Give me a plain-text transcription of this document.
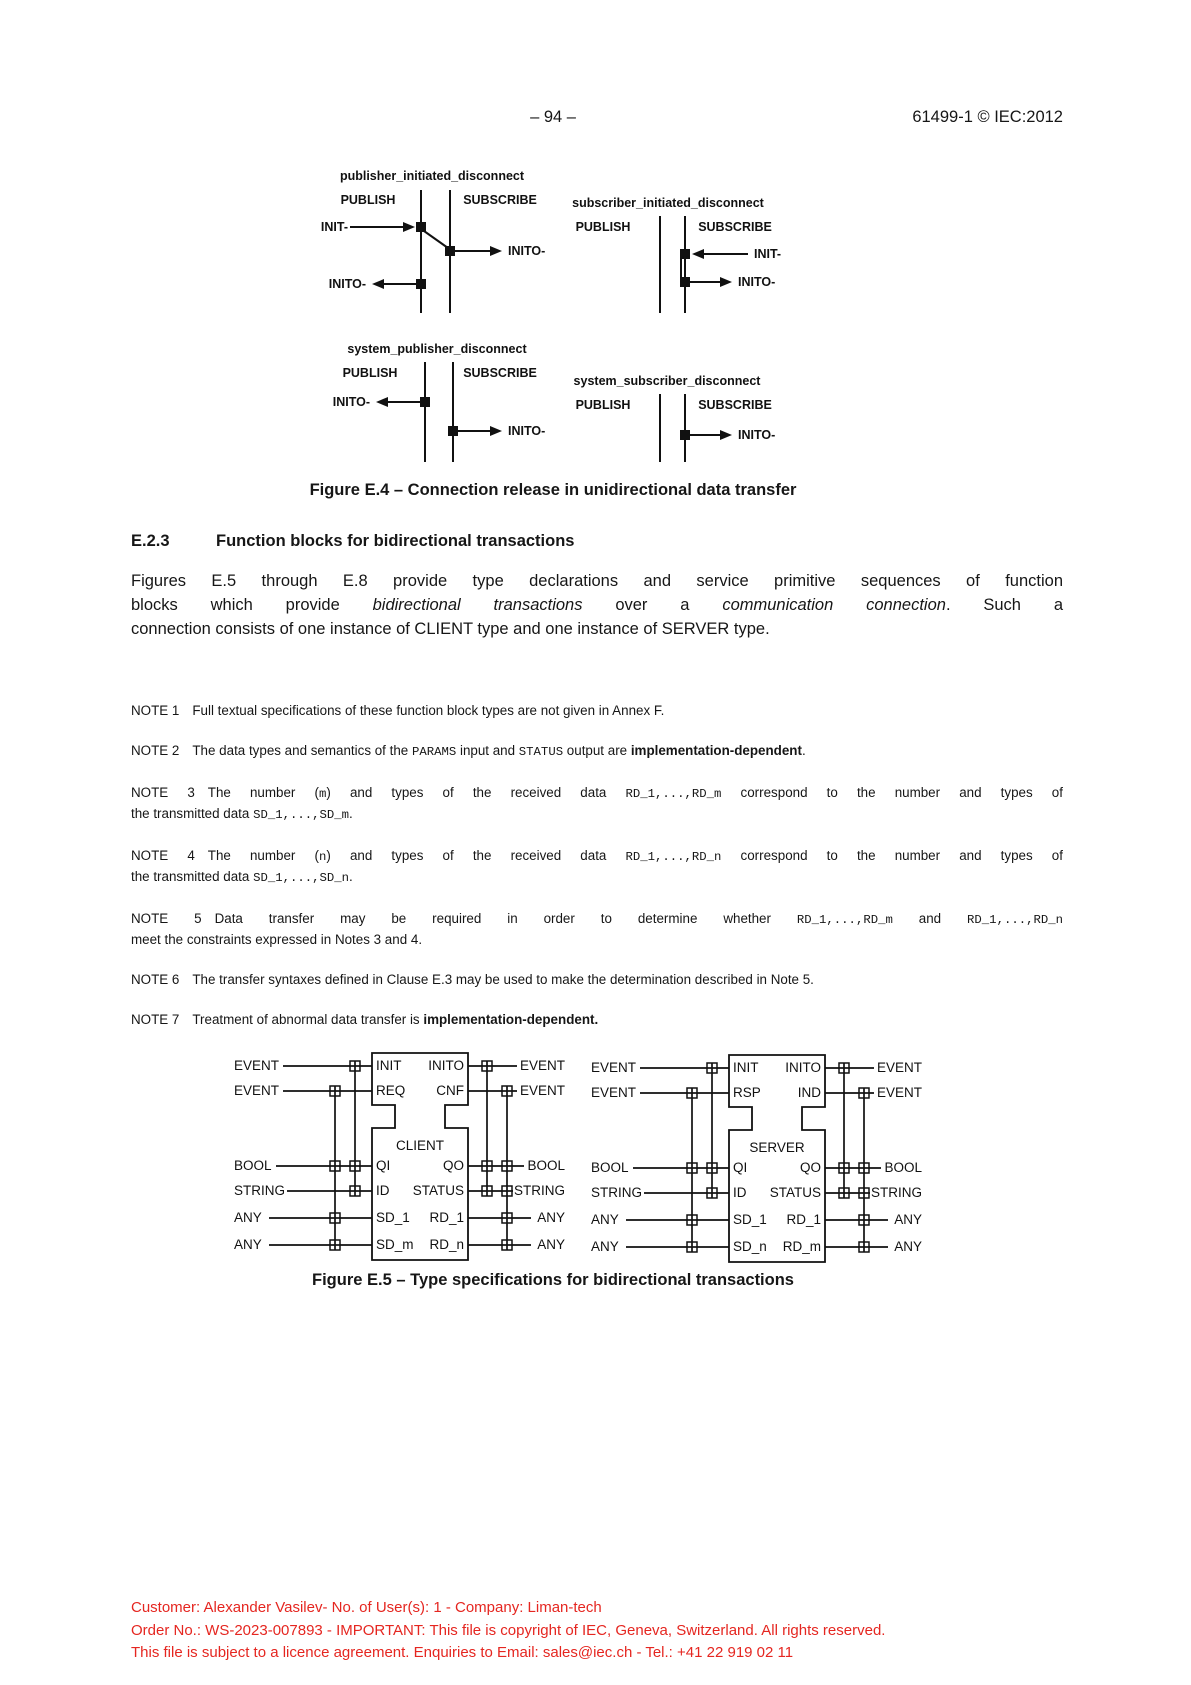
– 94 –	61499-1 © IEC:2012
publisher_initiated_disconnect
PUBLISH	SUBSCRIBE
INIT-
INITO-
INITO-
subscriber_initiated_disconnect
PUBLISH	SUBSCRIBE
INIT-
INITO-
system_publisher_disconnect
PUBLISH	SUBSCRIBE
INITO-
INITO-
system_subscriber_disconnect
PUBLISH	SUBSCRIBE
INITO-
Figure E.4 – Connection release in unidirectional data transfer
E.2.3	Function blocks for bidirectional transactions
Figures E.5 through E.8 provide type declarations and service primitive sequences of function
blocks which provide bidirectional transactions over a communication connection. Such a
connection consists of one instance of CLIENT type and one instance of SERVER type.
NOTE 1 Full textual specifications of these function block types are not given in Annex F.
NOTE 2 The data types and semantics of the PARAMS input and STATUS output are implementation-dependent.
NOTE 3 The number (m) and types of the received data RD_1,...,RD_m correspond to the number and types of
the transmitted data SD_1,...,SD_m.
NOTE 4 The number (n) and types of the received data RD_1,...,RD_n correspond to the number and types of
the transmitted data SD_1,...,SD_n.
NOTE 5 Data transfer may be required in order to determine whether RD_1,...,RD_m and RD_1,...,RD_n
meet the constraints expressed in Notes 3 and 4.
NOTE 6 The transfer syntaxes defined in Clause E.3 may be used to make the determination described in Note 5.
NOTE 7 Treatment of abnormal data transfer is implementation-dependent.
EVENT
EVENT
BOOL
STRING
ANY
ANY
EVENT
EVENT
BOOL
STRING
ANY
ANY
INIT
REQ
QI
ID
SD_1
SD_m
INITO
CNF
QO
STATUS
RD_1
RD_n
CLIENT
EVENT
EVENT
BOOL
STRING
ANY
ANY
EVENT
EVENT
BOOL
STRING
ANY
ANY
INIT
RSP
QI
ID
SD_1
SD_n
INITO
IND
QO
STATUS
RD_1
RD_m
SERVER
Figure E.5 – Type specifications for bidirectional transactions
Customer: Alexander Vasilev- No. of User(s): 1 - Company: Liman-tech
Order No.: WS-2023-007893 - IMPORTANT: This file is copyright of IEC, Geneva, Switzerland. All rights reserved.
This file is subject to a licence agreement. Enquiries to Email: sales@iec.ch - Tel.: +41 22 919 02 11
